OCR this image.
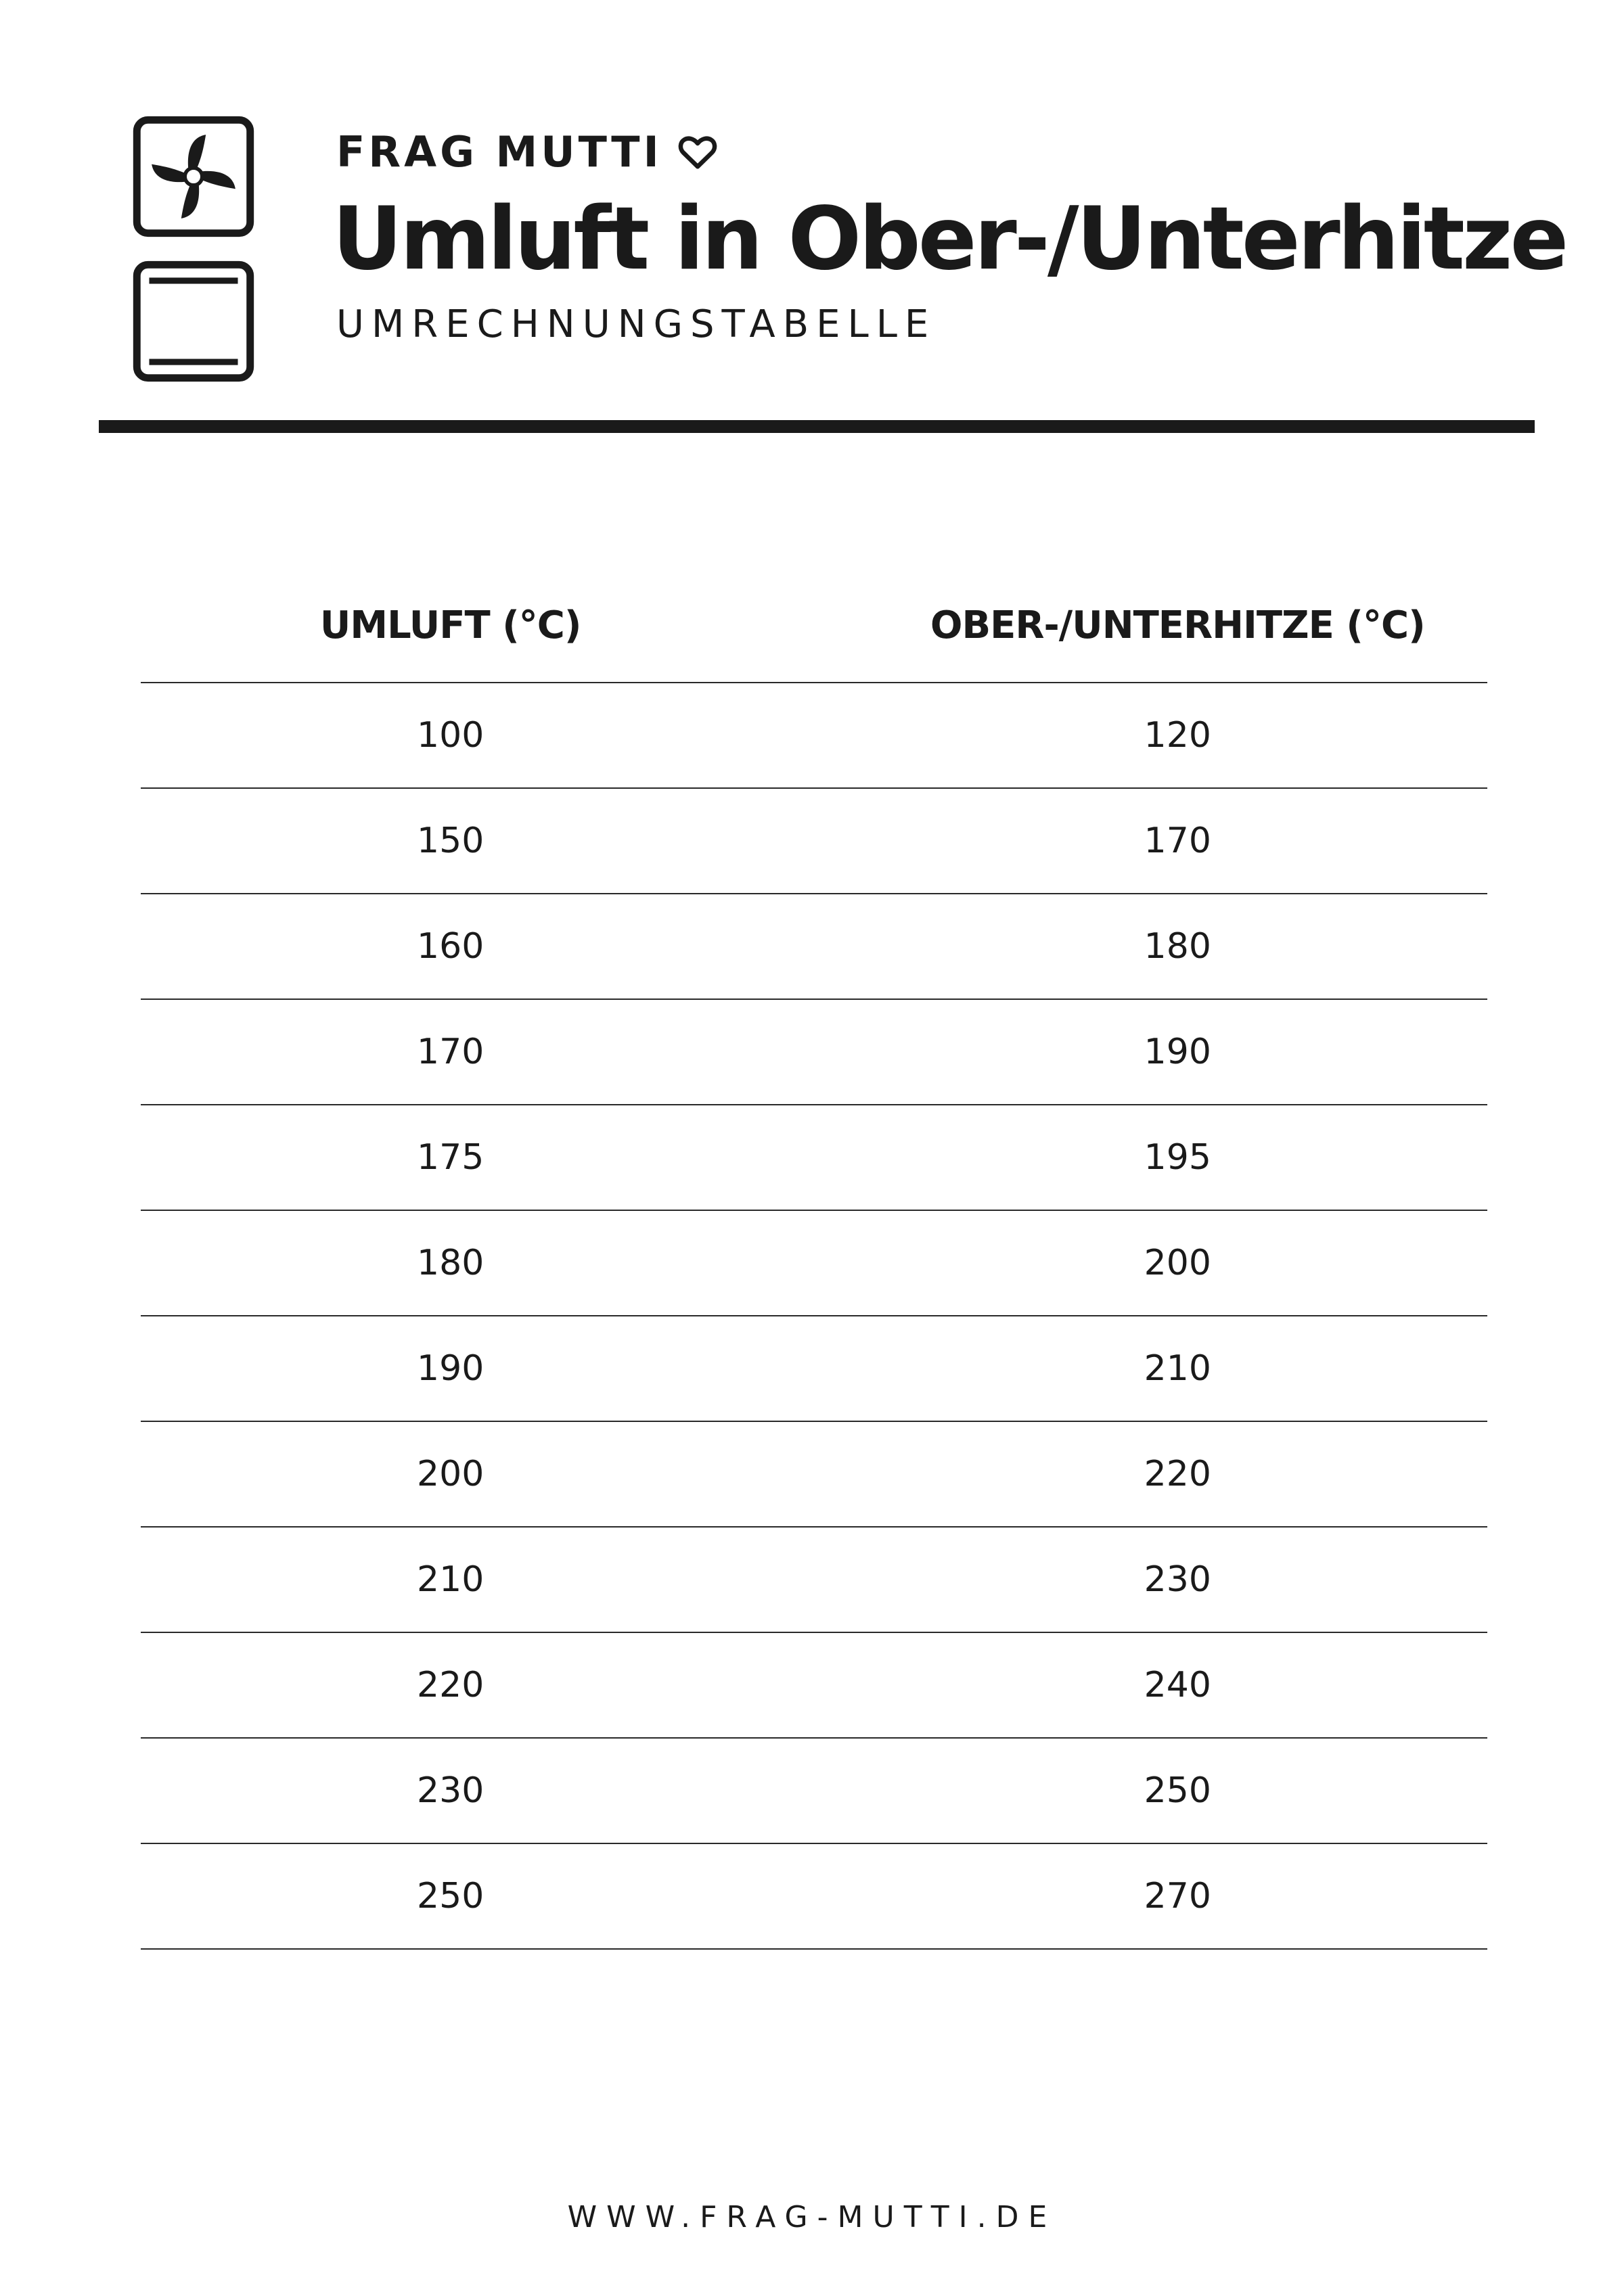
FRAG MUTTI
Umluft in Ober-/Unterhitze
UMRECHNUNGSTABELLE
UMLUFT (°C)	OBER-/UNTERHITZE (°C)
100	120
150	170
160	180
170	190
175	195
180	200
190	210
200	220
210	230
220	240
230	250
250	270
WWW.FRAG-MUTTI.DE
